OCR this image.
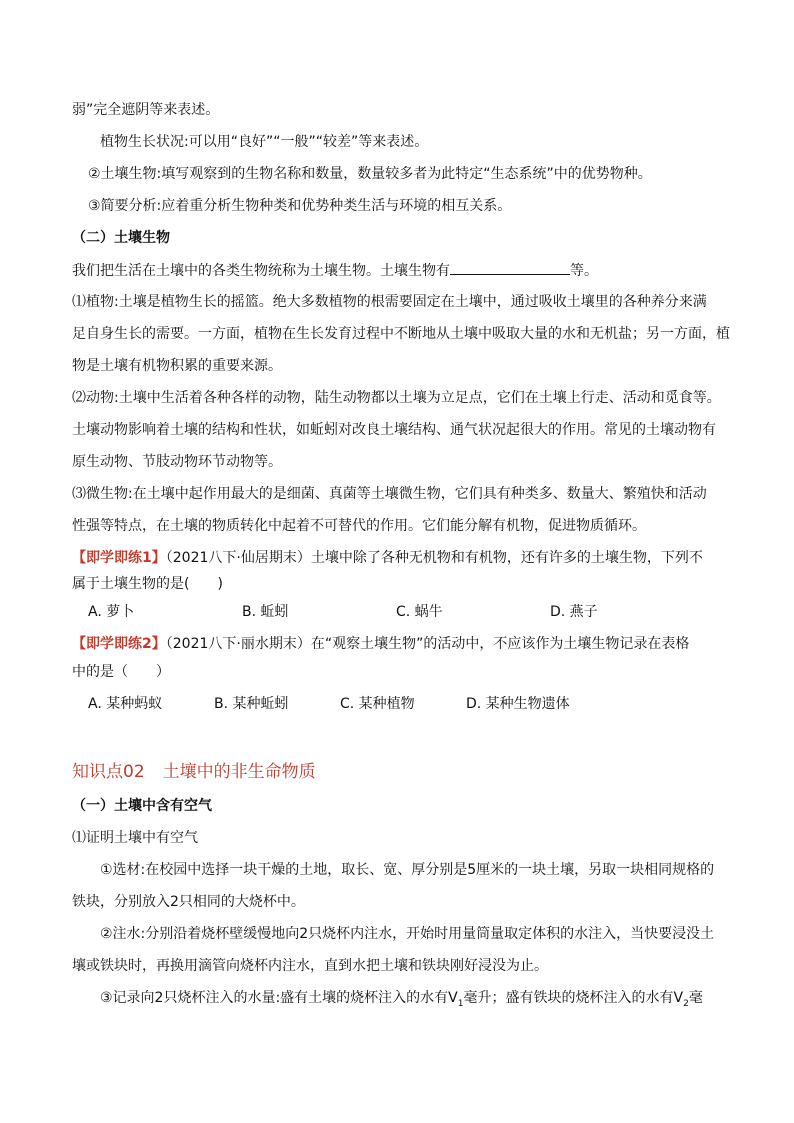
弱”完全遮阴等来表述。
植物生长状况:可以用“良好”“一般”“较差”等来表述。
②土壤生物:填写观察到的生物名称和数量，数量较多者为此特定“生态系统”中的优势物种。
③简要分析:应着重分析生物种类和优势种类生活与环境的相互关系。
（二）土壤生物
我们把生活在土壤中的各类生物统称为土壤生物。土壤生物有	等。
⑴植物:土壤是植物生长的摇篮。绝大多数植物的根需要固定在土壤中，通过吸收土壤里的各种养分来满
足自身生长的需要。一方面，植物在生长发育过程中不断地从土壤中吸取大量的水和无机盐；另一方面，植
物是土壤有机物积累的重要来源。
⑵动物:土壤中生活着各种各样的动物，陆生动物都以土壤为立足点，它们在土壤上行走、活动和觅食等。
土壤动物影响着土壤的结构和性状，如蚯蚓对改良土壤结构、通气状况起很大的作用。常见的土壤动物有
原生动物、节肢动物环节动物等。
⑶微生物:在土壤中起作用最大的是细菌、真菌等土壤微生物，它们具有种类多、数量大、繁殖快和活动
性强等特点，在土壤的物质转化中起着不可替代的作用。它们能分解有机物，促进物质循环。
【即学即练1】（2021八下·仙居期末）土壤中除了各种无机物和有机物，还有许多的土壤生物，下列不
属于土壤生物的是(　　)
A. 萝卜	B. 蚯蚓	C. 蜗牛	D. 燕子
【即学即练2】（2021八下·丽水期末）在“观察土壤生物”的活动中，不应该作为土壤生物记录在表格
中的是（　　）
A. 某种蚂蚁	B. 某种蚯蚓	C. 某种植物	D. 某种生物遗体
知识点02 土壤中的非生命物质
（一）土壤中含有空气
⑴证明土壤中有空气
①选材:在校园中选择一块干燥的土地，取长、宽、厚分别是5厘米的一块土壤，另取一块相同规格的
铁块，分别放入2只相同的大烧杯中。
②注水:分别沿着烧杯壁缓慢地向2只烧杯内注水，开始时用量筒量取定体积的水注入，当快要浸没土
壤或铁块时，再换用滴管向烧杯内注水，直到水把土壤和铁块刚好浸没为止。
③记录向2只烧杯注入的水量:盛有土壤的烧杯注入的水有$V_1$毫升；盛有铁块的烧杯注入的水有$V_2$毫
